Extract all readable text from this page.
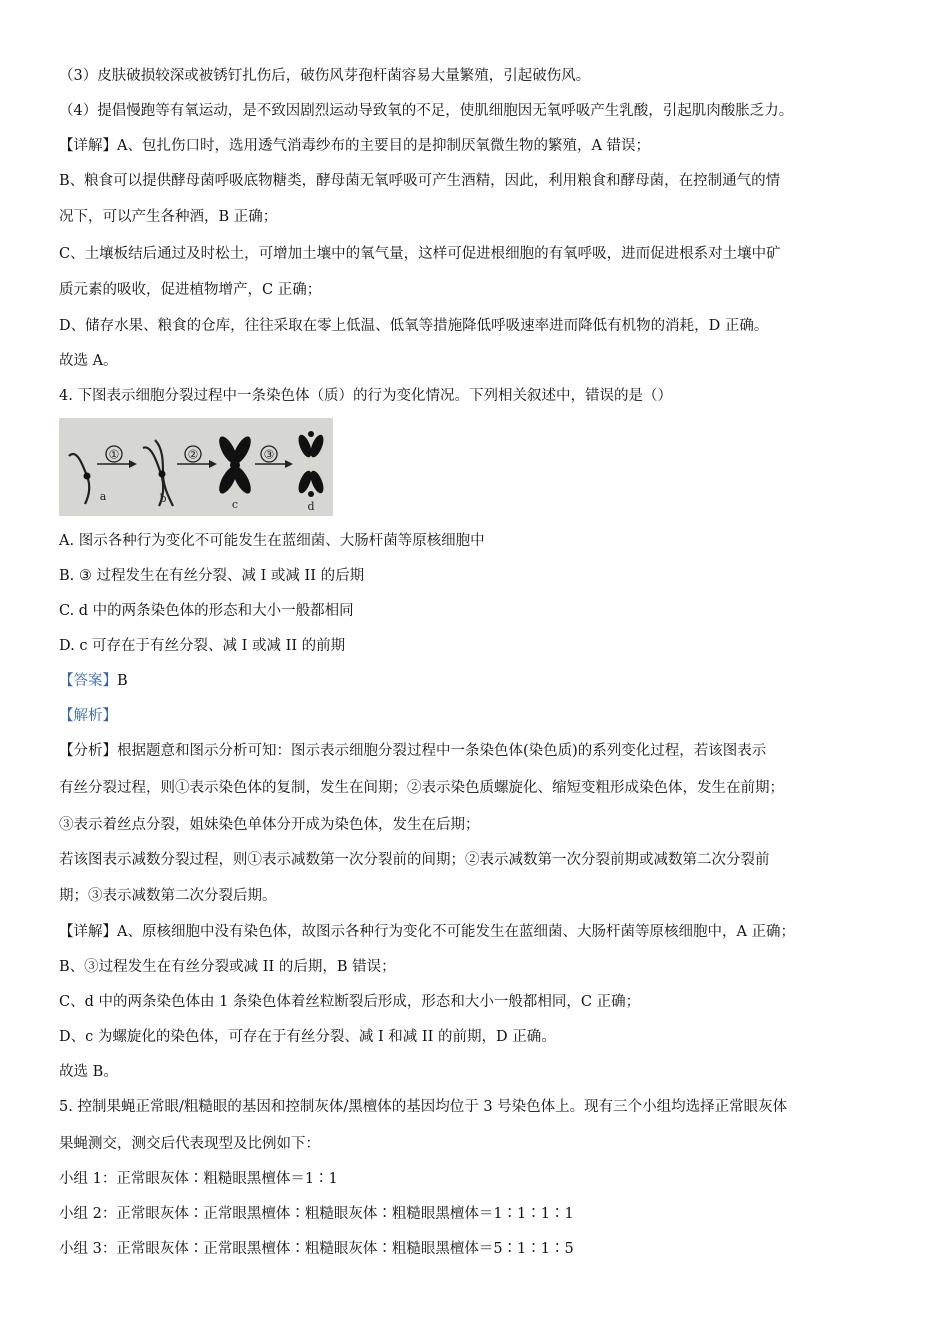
（3）皮肤破损较深或被锈钉扎伤后，破伤风芽孢杆菌容易大量繁殖，引起破伤风。
（4）提倡慢跑等有氧运动，是不致因剧烈运动导致氧的不足，使肌细胞因无氧呼吸产生乳酸，引起肌肉酸胀乏力。
【详解】A、包扎伤口时，选用透气消毒纱布的主要目的是抑制厌氧微生物的繁殖，A 错误；
B、粮食可以提供酵母菌呼吸底物糖类，酵母菌无氧呼吸可产生酒精，因此，利用粮食和酵母菌，在控制通气的情
况下，可以产生各种酒，B 正确；
C、土壤板结后通过及时松土，可增加土壤中的氧气量，这样可促进根细胞的有氧呼吸，进而促进根系对土壤中矿
质元素的吸收，促进植物增产，C 正确；
D、储存水果、粮食的仓库，往往采取在零上低温、低氧等措施降低呼吸速率进而降低有机物的消耗，D 正确。
故选 A。
4. 下图表示细胞分裂过程中一条染色体（质）的行为变化情况。下列相关叙述中，错误的是（）
①	②	③
a	b	c	d
A. 图示各种行为变化不可能发生在蓝细菌、大肠杆菌等原核细胞中
B. ③ 过程发生在有丝分裂、减 I 或减 II 的后期
C. d 中的两条染色体的形态和大小一般都相同
D. c 可存在于有丝分裂、减 I 或减 II 的前期
【答案】B
【解析】
【分析】根据题意和图示分析可知：图示表示细胞分裂过程中一条染色体(染色质)的系列变化过程，若该图表示
有丝分裂过程，则①表示染色体的复制，发生在间期；②表示染色质螺旋化、缩短变粗形成染色体，发生在前期；
③表示着丝点分裂，姐妹染色单体分开成为染色体，发生在后期；
若该图表示减数分裂过程，则①表示减数第一次分裂前的间期；②表示减数第一次分裂前期或减数第二次分裂前
期；③表示减数第二次分裂后期。
【详解】A、原核细胞中没有染色体，故图示各种行为变化不可能发生在蓝细菌、大肠杆菌等原核细胞中，A 正确；
B、③过程发生在有丝分裂或减 II 的后期，B 错误；
C、d 中的两条染色体由 1 条染色体着丝粒断裂后形成，形态和大小一般都相同，C 正确；
D、c 为螺旋化的染色体，可存在于有丝分裂、减 I 和减 II 的前期，D 正确。
故选 B。
5. 控制果蝇正常眼/粗糙眼的基因和控制灰体/黑檀体的基因均位于 3 号染色体上。现有三个小组均选择正常眼灰体
果蝇测交，测交后代表现型及比例如下：
小组 1：正常眼灰体∶粗糙眼黑檀体＝1∶1
小组 2：正常眼灰体∶正常眼黑檀体∶粗糙眼灰体∶粗糙眼黑檀体＝1∶1∶1∶1
小组 3：正常眼灰体∶正常眼黑檀体∶粗糙眼灰体∶粗糙眼黑檀体＝5∶1∶1∶5
